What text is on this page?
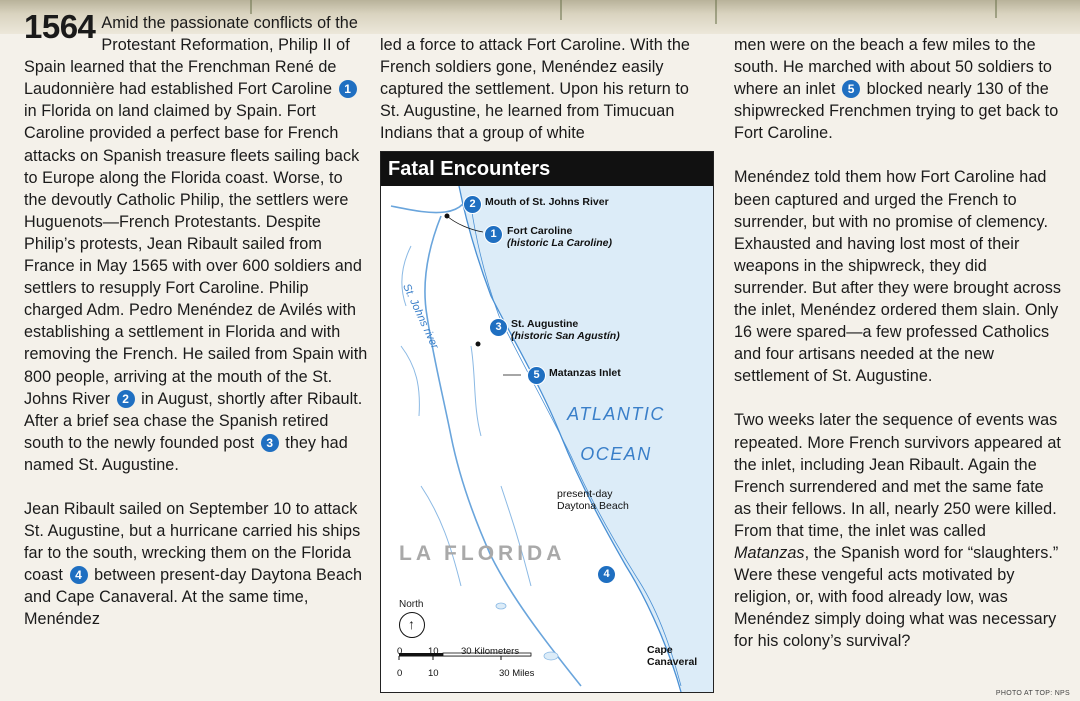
1564 Amid the passionate conflicts of the Protestant Reformation, Philip II of Spain learned that the Frenchman René de Laudonnière had established Fort Caroline 1 in Florida on land claimed by Spain. Fort Caroline provided a perfect base for French attacks on Spanish treasure fleets sailing back to Europe along the Florida coast. Worse, to the devoutly Catholic Philip, the settlers were Huguenots—French Protestants. Despite Philip’s protests, Jean Ribault sailed from France in May 1565 with over 600 soldiers and settlers to resupply Fort Caroline. Philip charged Adm. Pedro Menéndez de Avilés with establishing a settlement in Florida and with removing the French. He sailed from Spain with 800 people, arriving at the mouth of the St. Johns River 2 in August, shortly after Ribault. After a brief sea chase the Spanish retired south to the newly founded post 3 they had named St. Augustine.

Jean Ribault sailed on September 10 to attack St. Augustine, but a hurricane carried his ships far to the south, wrecking them on the Florida coast 4 between present-day Daytona Beach and Cape Canaveral. At the same time, Menéndez

led a force to attack Fort Caroline. With the French soldiers gone, Menéndez easily captured the settlement. Upon his return to St. Augustine, he learned from Timucuan Indians that a group of white

men were on the beach a few miles to the south. He marched with about 50 soldiers to where an inlet 5 blocked nearly 130 of the shipwrecked Frenchmen trying to get back to Fort Caroline.

Menéndez told them how Fort Caroline had been captured and urged the French to surrender, but with no promise of clemency. Exhausted and having lost most of their weapons in the shipwreck, they did surrender. But after they were brought across the inlet, Menéndez ordered them slain. Only 16 were spared—a few professed Catholics and four artisans needed at the new settlement of St. Augustine.

Two weeks later the sequence of events was repeated. More French survivors appeared at the inlet, including Jean Ribault. Again the French surrendered and met the same fate as their fellows. In all, nearly 250 were killed. From that time, the inlet was called Matanzas, the Spanish word for “slaughters.” Were these vengeful acts motivated by religion, or, with food already low, was Menéndez simply doing what was necessary for his colony’s survival?

Fatal Encounters
2 Mouth of St. Johns River
1 Fort Caroline
(historic La Caroline)
3 St. Augustine
(historic San Agustín)
5 Matanzas Inlet
St. Johns river
ATLANTIC
OCEAN
present-day
Daytona Beach
LA FLORIDA
4
North
↑
0	10 30 Kilometers
0	10	30 Miles
Cape
Canaveral
PHOTO AT TOP: NPS
